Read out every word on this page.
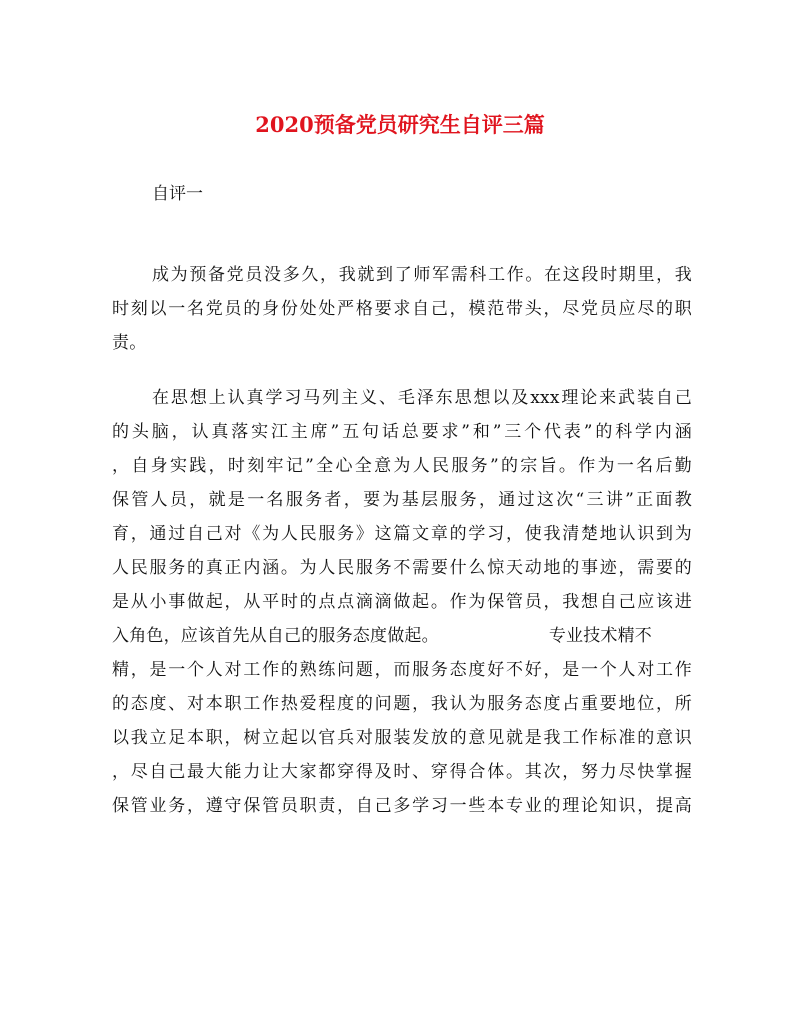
2020预备党员研究生自评三篇
自评一
成为预备党员没多久，我就到了师军需科工作。在这段时期里，我
时刻以一名党员的身份处处严格要求自己，模范带头，尽党员应尽的职
责。
在思想上认真学习马列主义、毛泽东思想以及xxx理论来武装自己
的头脑，认真落实江主席”五句话总要求”和”三个代表”的科学内涵
，自身实践，时刻牢记”全心全意为人民服务”的宗旨。作为一名后勤
保管人员，就是一名服务者，要为基层服务，通过这次“三讲”正面教
育，通过自己对《为人民服务》这篇文章的学习，使我清楚地认识到为
人民服务的真正内涵。为人民服务不需要什么惊天动地的事迹，需要的
是从小事做起，从平时的点点滴滴做起。作为保管员，我想自己应该进
入角色，应该首先从自己的服务态度做起。	专业技术精不
精，是一个人对工作的熟练问题，而服务态度好不好，是一个人对工作
的态度、对本职工作热爱程度的问题，我认为服务态度占重要地位，所
以我立足本职，树立起以官兵对服装发放的意见就是我工作标准的意识
，尽自己最大能力让大家都穿得及时、穿得合体。其次，努力尽快掌握
保管业务，遵守保管员职责，自己多学习一些本专业的理论知识，提高
